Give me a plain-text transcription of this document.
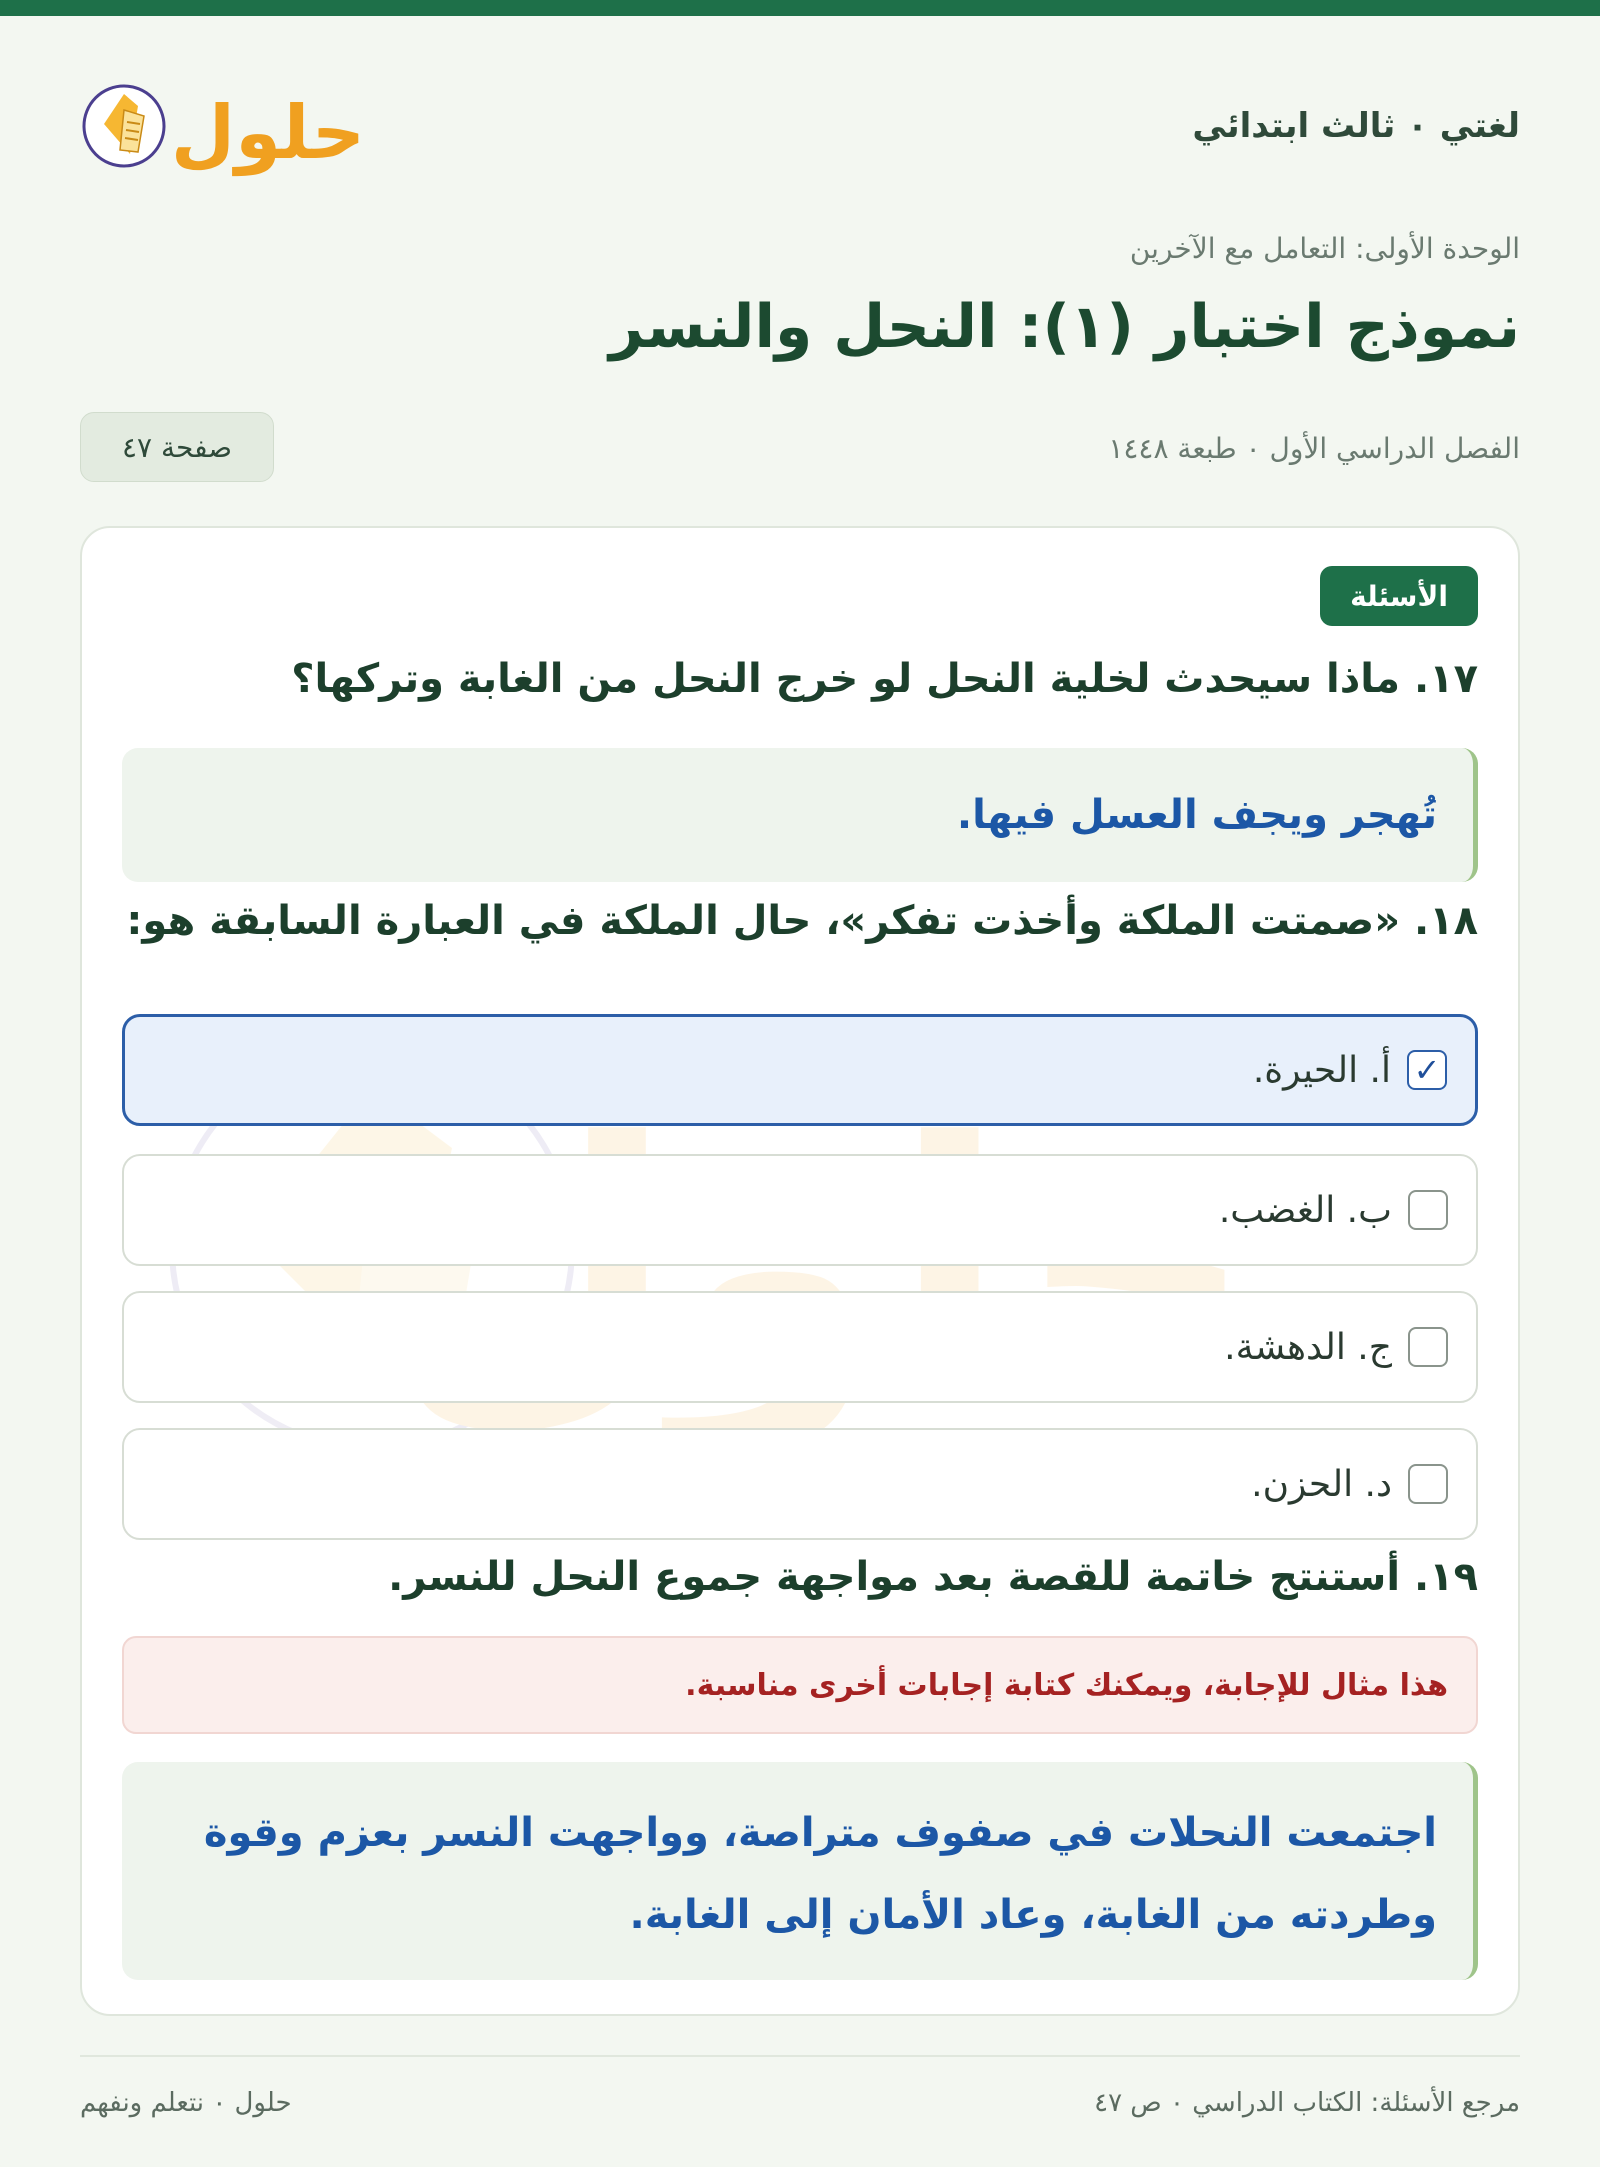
لغتي ٠ ثالث ابتدائي
حلول
الوحدة الأولى: التعامل مع الآخرين
نموذج اختبار (١): النحل والنسر
الفصل الدراسي الأول ٠ طبعة ١٤٤٨
صفحة ٤٧
الأسئلة
١٧. ماذا سيحدث لخلية النحل لو خرج النحل من الغابة وتركها؟
تُهجر ويجف العسل فيها.
١٨. «صمتت الملكة وأخذت تفكر»، حال الملكة في العبارة السابقة هو:
✓
أ. الحيرة.
ب. الغضب.
ج. الدهشة.
د. الحزن.
١٩. أستنتج خاتمة للقصة بعد مواجهة جموع النحل للنسر.
هذا مثال للإجابة، ويمكنك كتابة إجابات أخرى مناسبة.
اجتمعت النحلات في صفوف متراصة، وواجهت النسر بعزم وقوة
وطردته من الغابة، وعاد الأمان إلى الغابة.
مرجع الأسئلة: الكتاب الدراسي ٠ ص ٤٧
حلول ٠ نتعلم ونفهم
